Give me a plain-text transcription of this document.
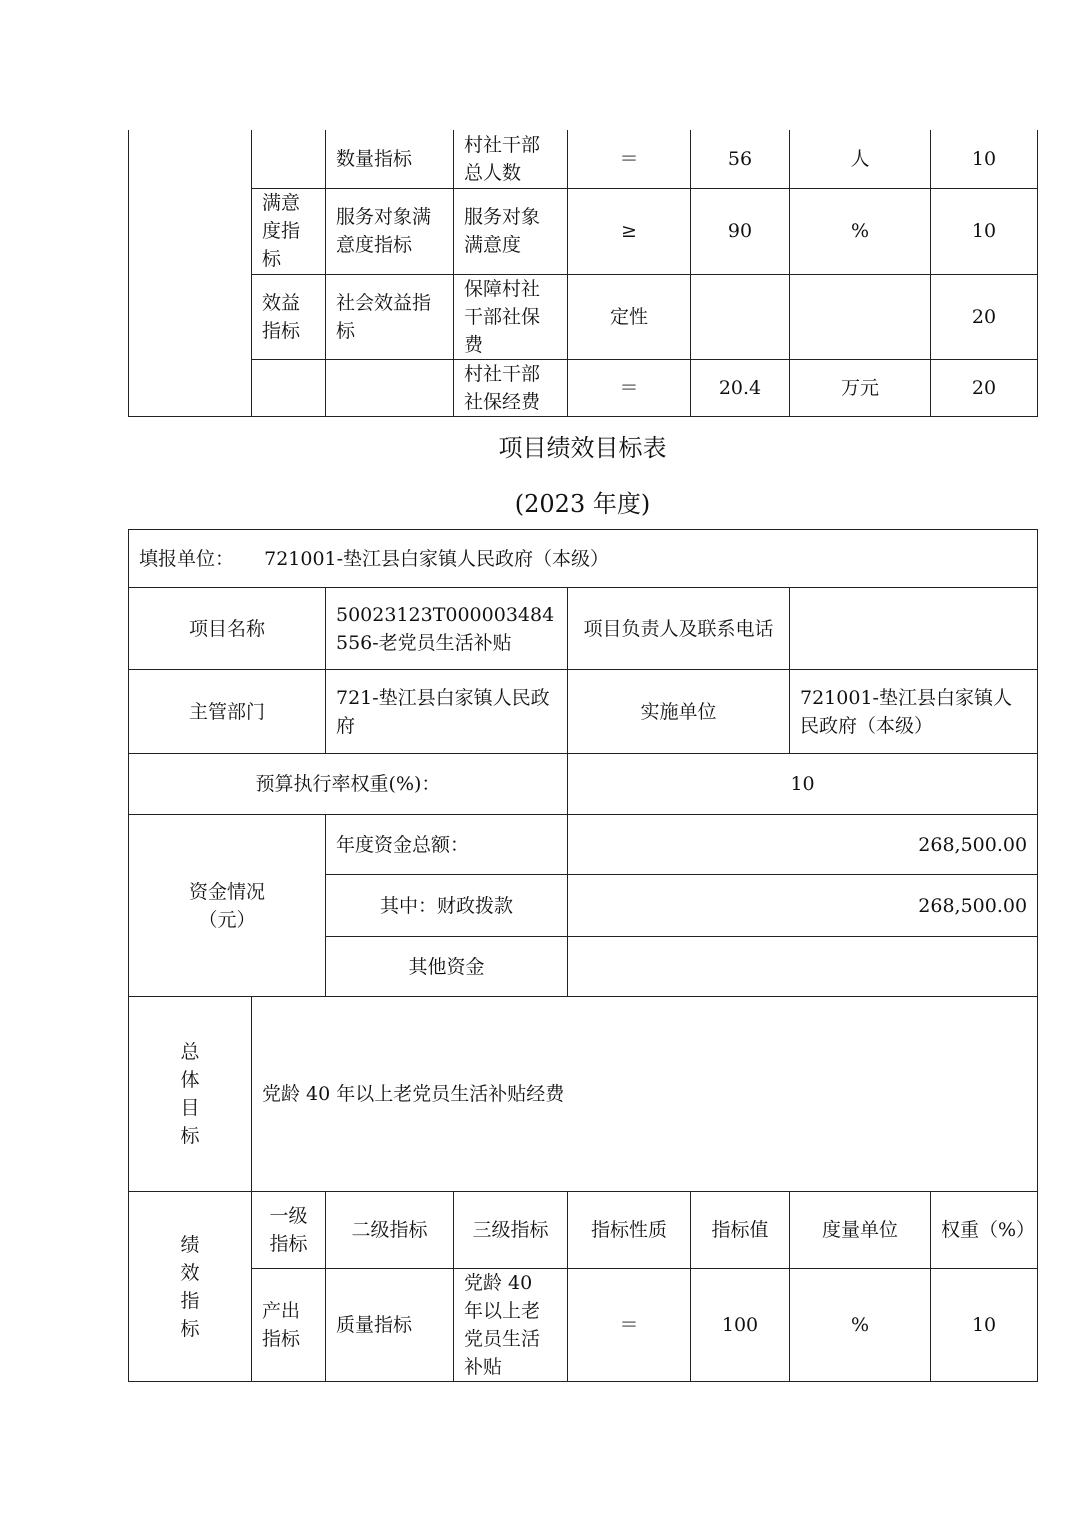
		数量指标	村社干部总人数	＝	56	人	10
	满意度指标	服务对象满意度指标	服务对象满意度	≥	90	%	10
	效益指标	社会效益指标	保障村社干部社保费	定性			20
			村社干部社保经费	＝	20.4	万元	20
项目绩效目标表
(2023 年度)
填报单位： 721001-垫江县白家镇人民政府（本级）							
项目名称		50023123T000003484556-老党员生活补贴		项目负责人及联系电话			
主管部门		721-垫江县白家镇人民政府		实施单位		721001-垫江县白家镇人民政府（本级）	
预算执行率权重(%)：				10			
资金情况（元）		年度资金总额：		268,500.00			
		其中：财政拨款		268,500.00			
		其他资金					
总体目标	党龄 40 年以上老党员生活补贴经费						
绩效指标	一级指标	二级指标	三级指标	指标性质	指标值	度量单位	权重（%）
	产出指标	质量指标	党龄 40 年以上老党员生活补贴	＝	100	%	10
